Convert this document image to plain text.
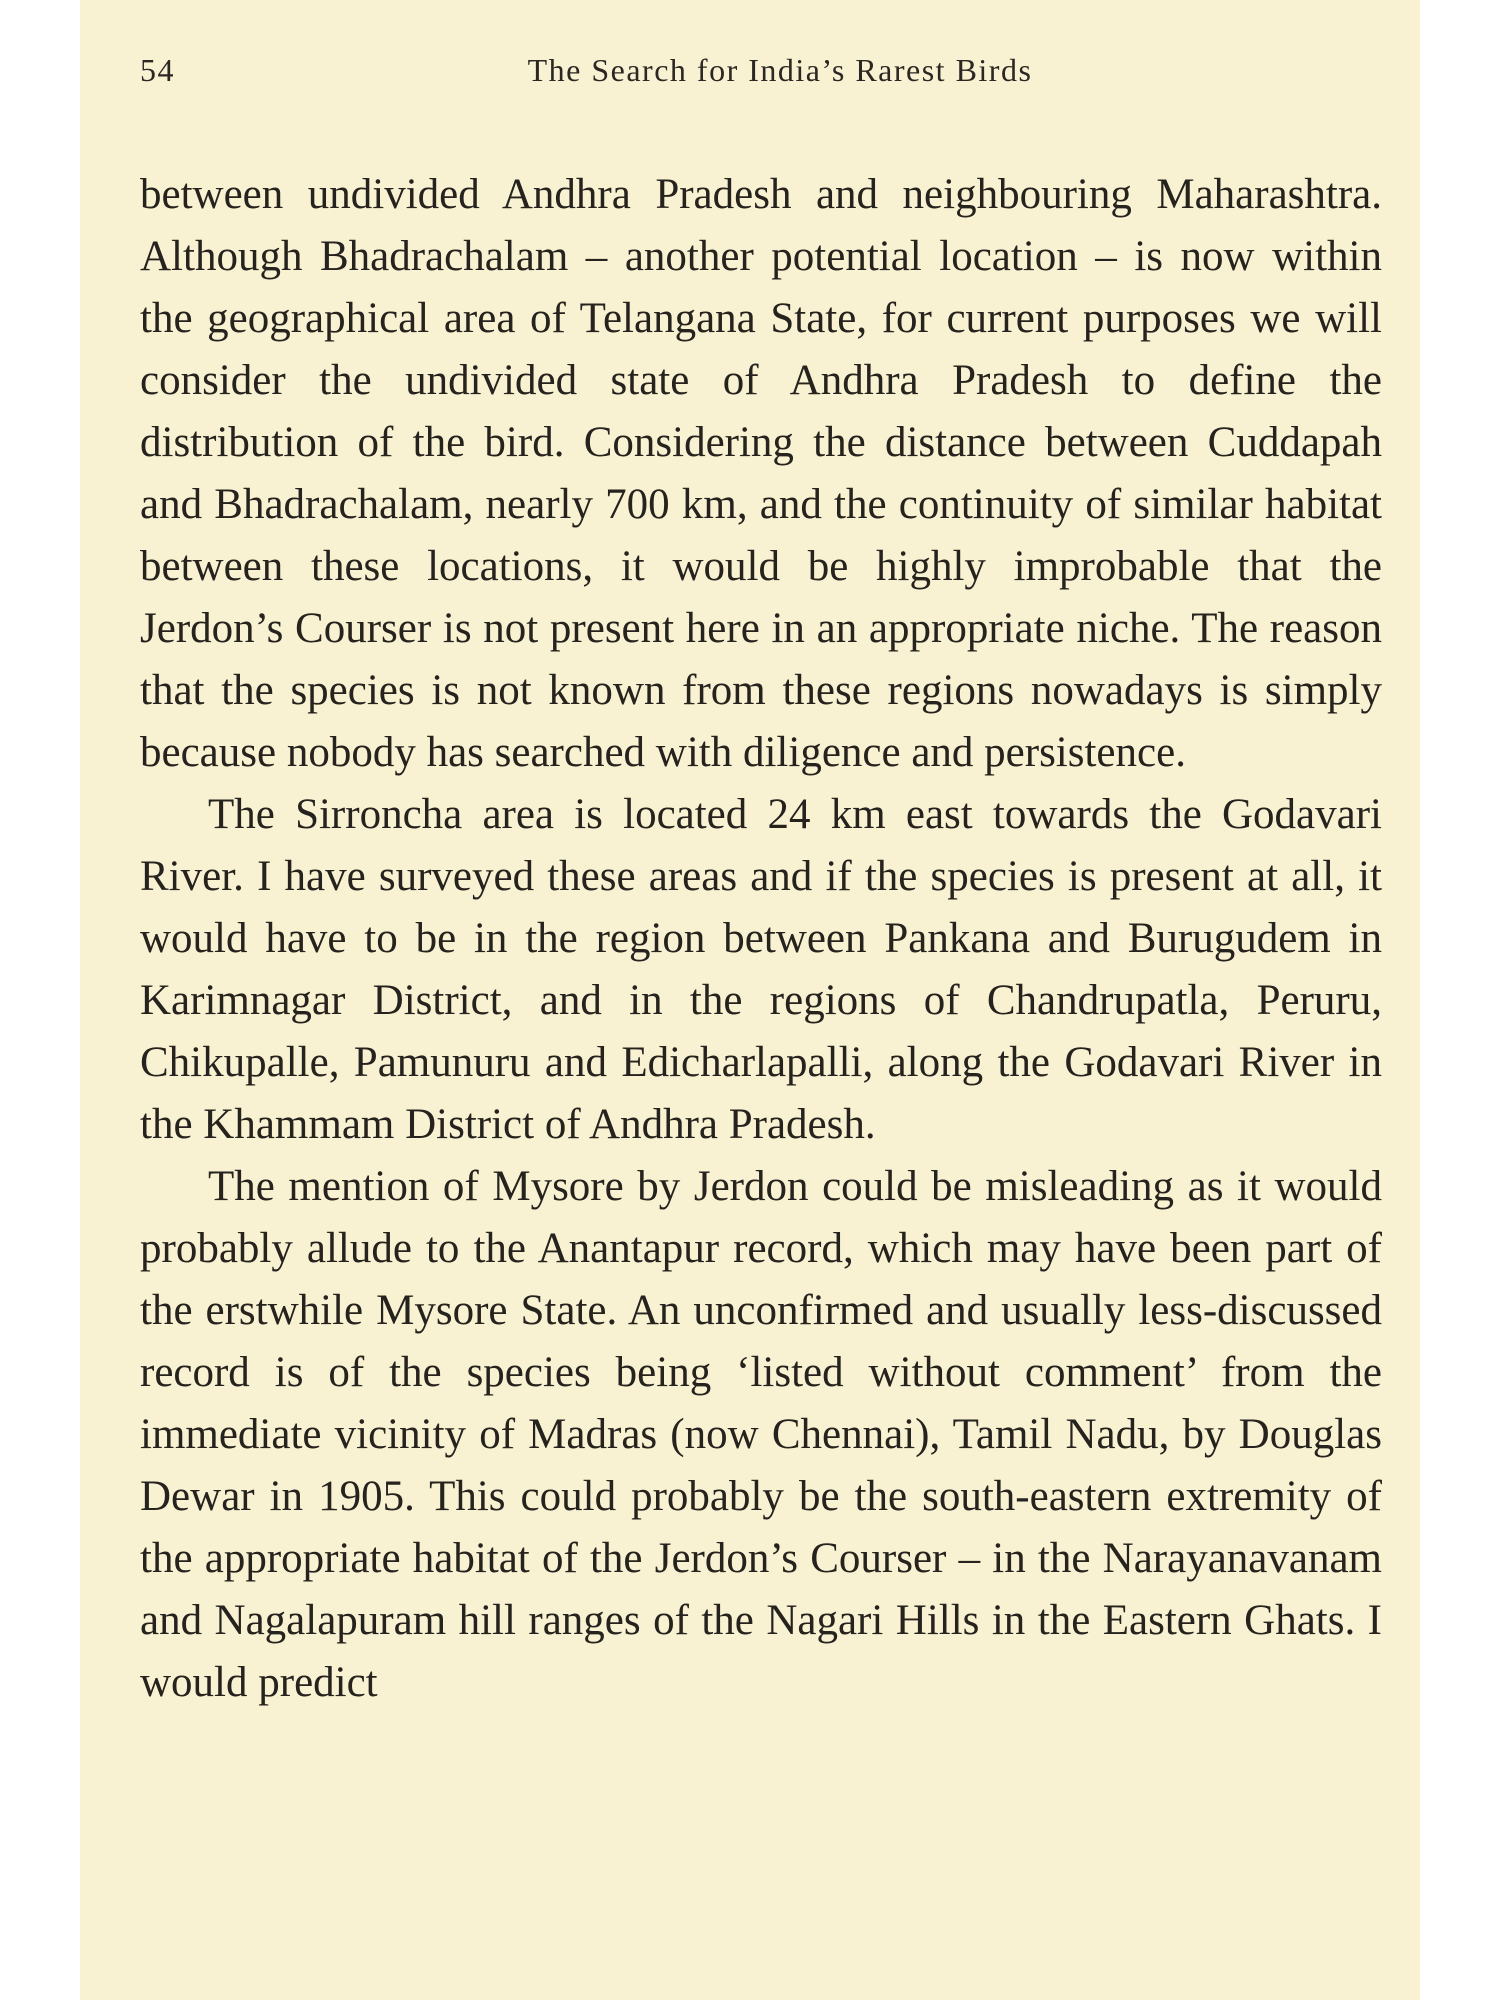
54	The Search for India’s Rarest Birds

between undivided Andhra Pradesh and neighbouring Maharashtra. Although Bhadrachalam – another potential location – is now within the geographical area of Telangana State, for current purposes we will consider the undivided state of Andhra Pradesh to define the distribution of the bird. Considering the distance between Cuddapah and Bhadrachalam, nearly 700 km, and the continuity of similar habitat between these locations, it would be highly improbable that the Jerdon’s Courser is not present here in an appropriate niche. The reason that the species is not known from these regions nowadays is simply because nobody has searched with diligence and persistence.

The Sirroncha area is located 24 km east towards the Godavari River. I have surveyed these areas and if the species is present at all, it would have to be in the region between Pankana and Burugudem in Karimnagar District, and in the regions of Chandrupatla, Peruru, Chikupalle, Pamunuru and Edicharlapalli, along the Godavari River in the Khammam District of Andhra Pradesh.

The mention of Mysore by Jerdon could be misleading as it would probably allude to the Anantapur record, which may have been part of the erstwhile Mysore State. An unconfirmed and usually less-discussed record is of the species being ‘listed without comment’ from the immediate vicinity of Madras (now Chennai), Tamil Nadu, by Douglas Dewar in 1905. This could probably be the south-eastern extremity of the appropriate habitat of the Jerdon’s Courser – in the Narayanavanam and Nagalapuram hill ranges of the Nagari Hills in the Eastern Ghats. I would predict
